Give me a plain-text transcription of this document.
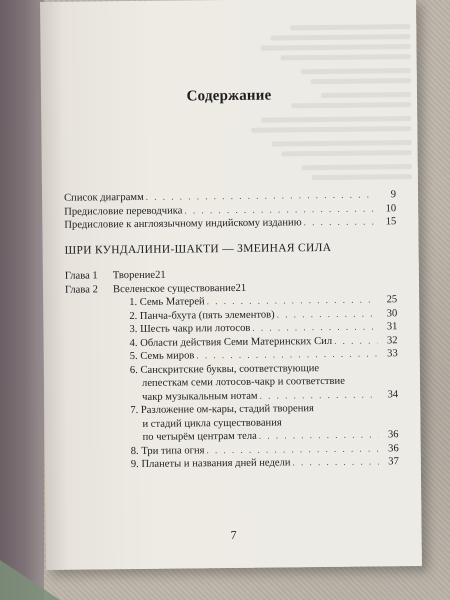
Содержание
Список диаграмм . . .	9
Предисловие переводчика . . .	10
Предисловие к англоязычному индийскому изданию . . .	15
ШРИ КУНДАЛИНИ-ШАКТИ — ЗМЕИНАЯ СИЛА
Глава 1	Творение 21
Глава 2	Вселенское существование 21
1. Семь Матерей . . .	25
2. Панча-бхута (пять элементов) . . .	30
3. Шесть чакр или лотосов . . .	31
4. Области действия Семи Материнских Сил . . .	32
5. Семь миров . . .	33
6. Санскритские буквы, соответствующие
лепесткам семи лотосов-чакр и соответствие
чакр музыкальным нотам . . .	34
7. Разложение ом-кары, стадий творения
и стадий цикла существования
по четырём центрам тела . . .	36
8. Три типа огня . . .	36
9. Планеты и названия дней недели . . .	37
7
